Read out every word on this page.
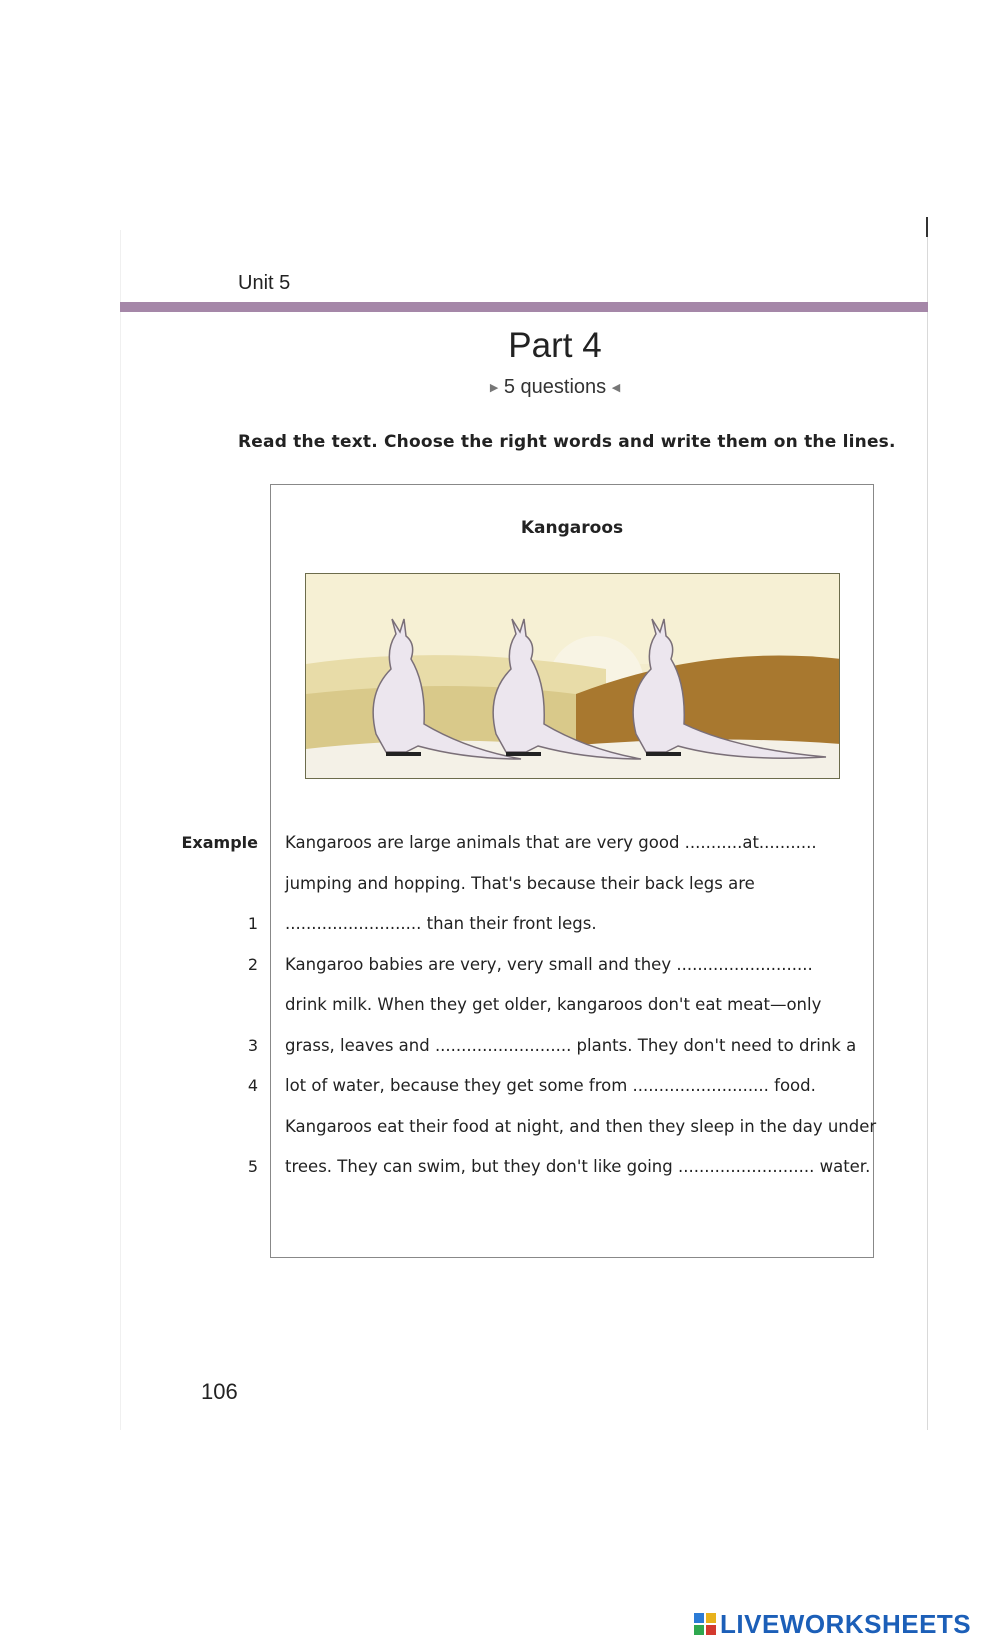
Unit 5
Part 4
▶ 5 questions ◀
Read the text. Choose the right words and write them on the lines.
Kangaroos
Example Kangaroos are large animals that are very good ...........at...........
jumping and hopping. That's because their back legs are
1 .......................... than their front legs.
2 Kangaroo babies are very, very small and they ..........................
drink milk. When they get older, kangaroos don't eat meat—only
3 grass, leaves and .......................... plants. They don't need to drink a
4 lot of water, because they get some from .......................... food.
Kangaroos eat their food at night, and then they sleep in the day under
5 trees. They can swim, but they don't like going .......................... water.
106
LIVEWORKSHEETS
